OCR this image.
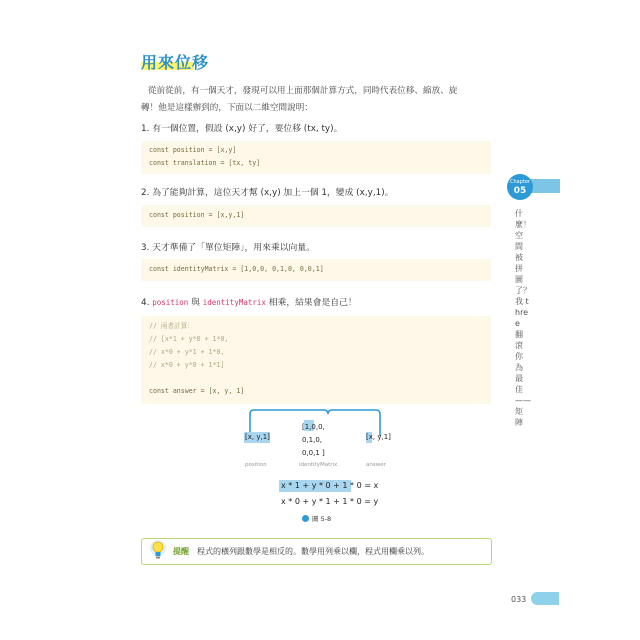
用來位移
從前從前，有一個天才，發現可以用上面那個計算方式，同時代表位移、縮放、旋
轉！他是這樣辦到的，下面以二維空間說明：
1. 有一個位置，假設 (x,y) 好了，要位移 (tx, ty)。
const position = [x,y]
const translation = [tx, ty]
2. 為了能夠計算，這位天才幫 (x,y) 加上一個 1，變成 (x,y,1)。
const position = [x,y,1]
3. 天才準備了「單位矩陣」，用來乘以向量。
const identityMatrix = [1,0,0, 0,1,0, 0,0,1]
4. position 與 identityMatrix 相乘，結果會是自己！
// 兩者計算：
// [x*1 + y*0 + 1*0,
// x*0 + y*1 + 1*0,
// x*0 + y*0 + 1*1]
const answer = [x, y, 1]
[x, y,1]
[1,0,0,
0,1,0,
0,0,1 ]
[x, y,1]
position	identityMatrix	answer
x * 1 + y * 0 + 1 * 0 = x
x * 0 + y * 1 + 1 * 0 = y
圖 5-8
提醒 程式的橫列跟數學是相反的。數學用列乘以欄，程式用欄乘以列。
Chapter
05
什麼！空間被拼圖了？我 three 翻滾你為最佳——矩陣
033
